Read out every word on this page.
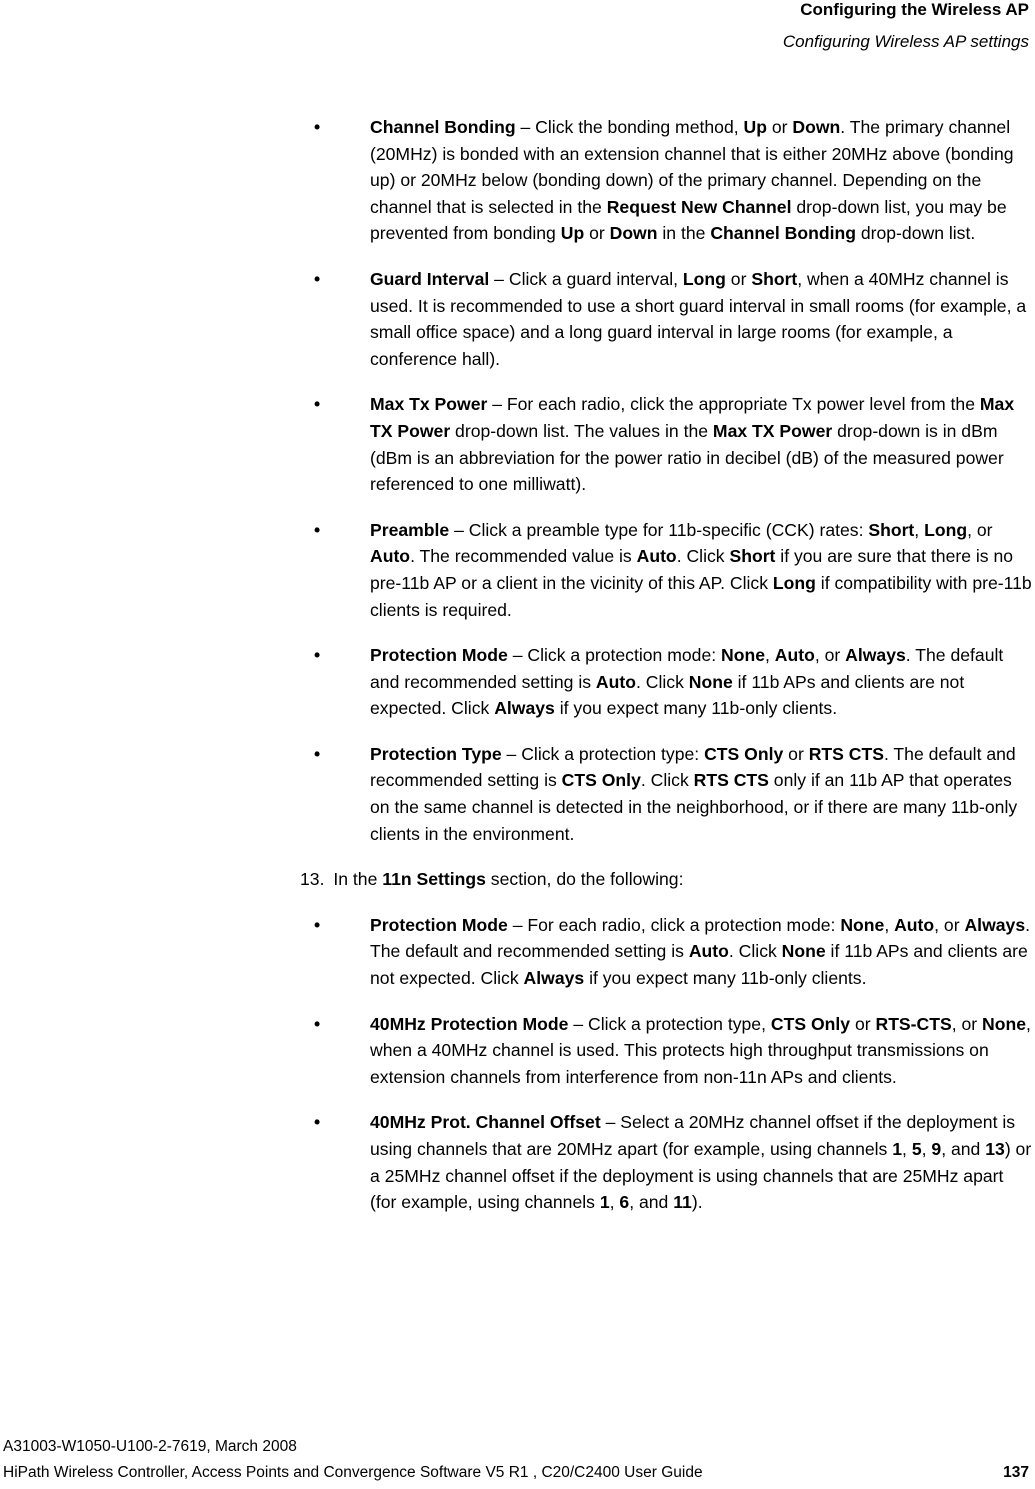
Configuring the Wireless AP
Configuring Wireless AP settings
•	Channel Bonding – Click the bonding method, Up or Down. The primary channel (20MHz) is bonded with an extension channel that is either 20MHz above (bonding up) or 20MHz below (bonding down) of the primary channel. Depending on the channel that is selected in the Request New Channel drop-down list, you may be prevented from bonding Up or Down in the Channel Bonding drop-down list.
•	Guard Interval – Click a guard interval, Long or Short, when a 40MHz channel is used. It is recommended to use a short guard interval in small rooms (for example, a small office space) and a long guard interval in large rooms (for example, a conference hall).
•	Max Tx Power – For each radio, click the appropriate Tx power level from the Max TX Power drop-down list. The values in the Max TX Power drop-down is in dBm (dBm is an abbreviation for the power ratio in decibel (dB) of the measured power referenced to one milliwatt).
•	Preamble – Click a preamble type for 11b-specific (CCK) rates: Short, Long, or Auto. The recommended value is Auto. Click Short if you are sure that there is no pre-11b AP or a client in the vicinity of this AP. Click Long if compatibility with pre-11b clients is required.
•	Protection Mode – Click a protection mode: None, Auto, or Always. The default and recommended setting is Auto. Click None if 11b APs and clients are not expected. Click Always if you expect many 11b-only clients.
•	Protection Type – Click a protection type: CTS Only or RTS CTS. The default and recommended setting is CTS Only. Click RTS CTS only if an 11b AP that operates on the same channel is detected in the neighborhood, or if there are many 11b-only clients in the environment.
13. In the 11n Settings section, do the following:
•	Protection Mode – For each radio, click a protection mode: None, Auto, or Always. The default and recommended setting is Auto. Click None if 11b APs and clients are not expected. Click Always if you expect many 11b-only clients.
•	40MHz Protection Mode – Click a protection type, CTS Only or RTS-CTS, or None, when a 40MHz channel is used. This protects high throughput transmissions on extension channels from interference from non-11n APs and clients.
•	40MHz Prot. Channel Offset – Select a 20MHz channel offset if the deployment is using channels that are 20MHz apart (for example, using channels 1, 5, 9, and 13) or a 25MHz channel offset if the deployment is using channels that are 25MHz apart (for example, using channels 1, 6, and 11).
A31003-W1050-U100-2-7619, March 2008
HiPath Wireless Controller, Access Points and Convergence Software V5 R1 , C20/C2400 User Guide	137
